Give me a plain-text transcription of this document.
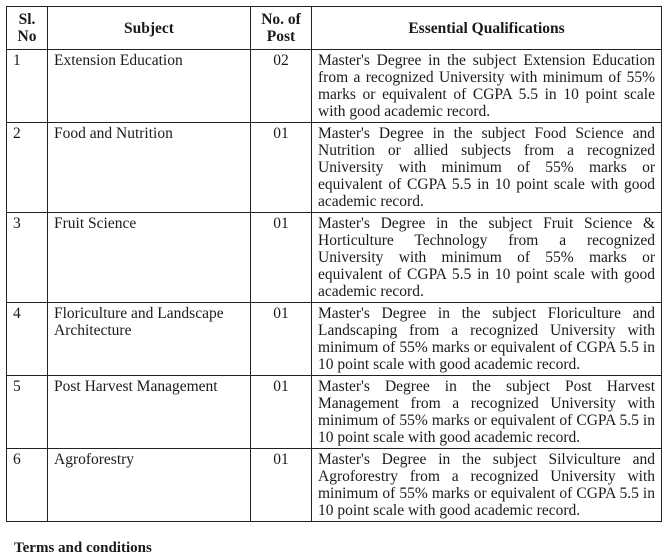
Sl. No	Subject	No. of Post	Essential Qualifications
1	Extension Education	02	Master's Degree in the subject Extension Education from a recognized University with minimum of 55% marks or equivalent of CGPA 5.5 in 10 point scale with good academic record.
2	Food and Nutrition	01	Master's Degree in the subject Food Science and Nutrition or allied subjects from a recognized University with minimum of 55% marks or equivalent of CGPA 5.5 in 10 point scale with good academic record.
3	Fruit Science	01	Master's Degree in the subject Fruit Science & Horticulture Technology from a recognized University with minimum of 55% marks or equivalent of CGPA 5.5 in 10 point scale with good academic record.
4	Floriculture and Landscape Architecture	01	Master's Degree in the subject Floriculture and Landscaping from a recognized University with minimum of 55% marks or equivalent of CGPA 5.5 in 10 point scale with good academic record.
5	Post Harvest Management	01	Master's Degree in the subject Post Harvest Management from a recognized University with minimum of 55% marks or equivalent of CGPA 5.5 in 10 point scale with good academic record.
6	Agroforestry	01	Master's Degree in the subject Silviculture and Agroforestry from a recognized University with minimum of 55% marks or equivalent of CGPA 5.5 in 10 point scale with good academic record.
Terms and conditions
